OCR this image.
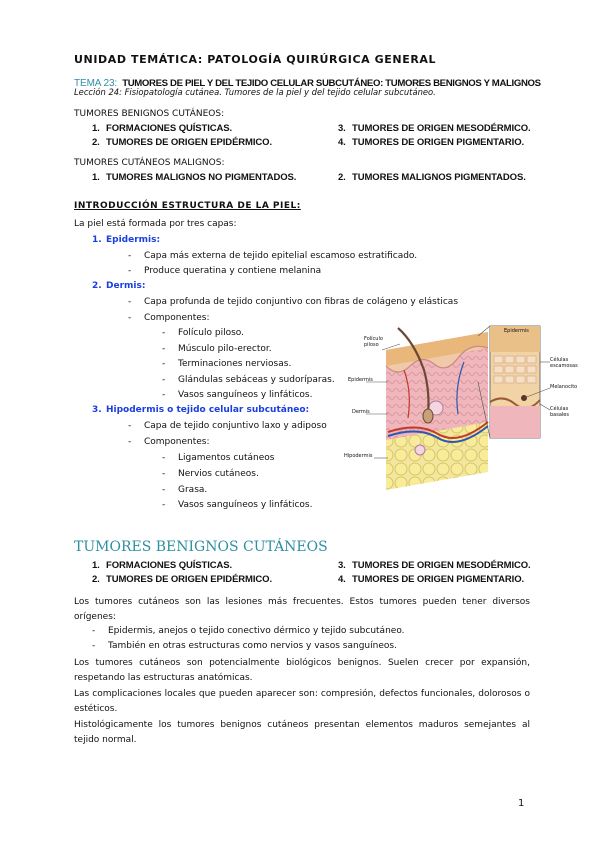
UNIDAD TEMÁTICA: PATOLOGÍA QUIRÚRGICA GENERAL
TEMA 23: TUMORES DE PIEL Y DEL TEJIDO CELULAR SUBCUTÁNEO: TUMORES BENIGNOS Y MALIGNOS
Lección 24: Fisiopatología cutánea. Tumores de la piel y del tejido celular subcutáneo.
TUMORES BENIGNOS CUTÁNEOS:
1. FORMACIONES QUÍSTICAS.
2. TUMORES DE ORIGEN EPIDÉRMICO.
3. TUMORES DE ORIGEN MESODÉRMICO.
4. TUMORES DE ORIGEN PIGMENTARIO.
TUMORES CUTÁNEOS MALIGNOS:
1. TUMORES MALIGNOS NO PIGMENTADOS.	2. TUMORES MALIGNOS PIGMENTADOS.
INTRODUCCIÓN ESTRUCTURA DE LA PIEL:
La piel está formada por tres capas:
1. Epidermis:
- Capa más externa de tejido epitelial escamoso estratificado.
- Produce queratina y contiene melanina
2. Dermis:
- Capa profunda de tejido conjuntivo con fibras de colágeno y elásticas
- Componentes:
- Folículo piloso.
- Músculo pilo-erector.
- Terminaciones nerviosas.
- Glándulas sebáceas y sudoríparas.
- Vasos sanguíneos y linfáticos.
3. Hipodermis o tejido celular subcutáneo:
- Capa de tejido conjuntivo laxo y adiposo
- Componentes:
- Ligamentos cutáneos
- Nervios cutáneos.
- Grasa.
- Vasos sanguíneos y linfáticos.
Folículo piloso
Epidermis
Epidermis
Dermis
Hipodermis
Células escamosas
Melanocito
Células basales
TUMORES BENIGNOS CUTÁNEOS
1. FORMACIONES QUÍSTICAS.
2. TUMORES DE ORIGEN EPIDÉRMICO.
3. TUMORES DE ORIGEN MESODÉRMICO.
4. TUMORES DE ORIGEN PIGMENTARIO.
Los tumores cutáneos son las lesiones más frecuentes. Estos tumores pueden tener diversos orígenes:
- Epidermis, anejos o tejido conectivo dérmico y tejido subcutáneo.
- También en otras estructuras como nervios y vasos sanguíneos.
Los tumores cutáneos son potencialmente biológicos benignos. Suelen crecer por expansión, respetando las estructuras anatómicas.
Las complicaciones locales que pueden aparecer son: compresión, defectos funcionales, dolorosos o estéticos.
Histológicamente los tumores benignos cutáneos presentan elementos maduros semejantes al tejido normal.
1
